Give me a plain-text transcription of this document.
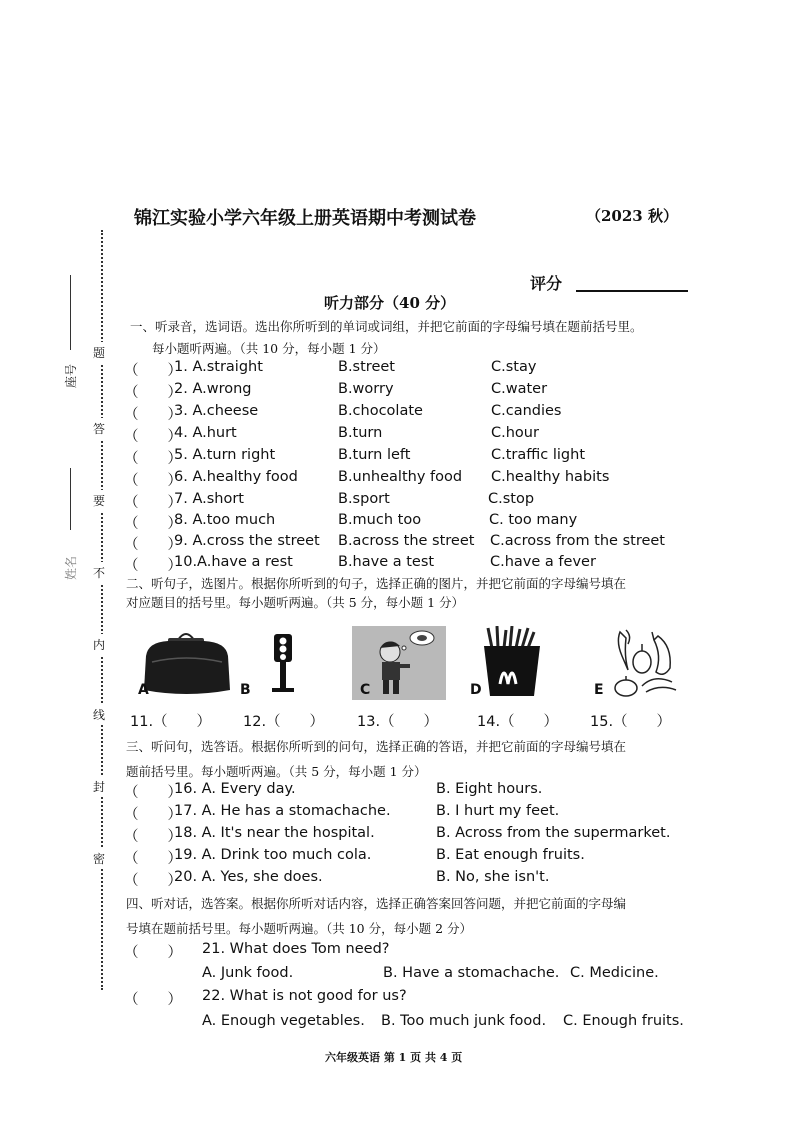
题
答
要
不
内
线
封
密
座号
姓名
锦江实验小学六年级上册英语期中考测试卷	（2023 秋）
评分
听力部分（40 分）
一、听录音，选词语。选出你所听到的单词或词组，并把它前面的字母编号填在题前括号里。
每小题听两遍。（共 10 分，每小题 1 分）
（　　）
1. A.straight	B.street	C.stay
（　　）
2. A.wrong	B.worry	C.water
（　　）
3. A.cheese	B.chocolate	C.candies
（　　）
4. A.hurt	B.turn	C.hour
（　　）
5. A.turn right	B.turn left	C.traffic light
（　　）
6. A.healthy food	B.unhealthy food C.healthy habits
（　　）
7. A.short	B.sport	C.stop
（　　）
8. A.too much	B.much too	C. too many
（　　）
9. A.cross the street B.across the street C.across from the street
（　　）
10.A.have a rest	B.have a test	C.have a fever
二、听句子，选图片。根据你所听到的句子，选择正确的图片，并把它前面的字母编号填在
对应题目的括号里。每小题听两遍。（共 5 分，每小题 1 分）
A	B	C	D	E
11.（　　） 12.（　　） 13.（　　）	14.（　　） 15.（　　）
三、听问句，选答语。根据你所听到的问句，选择正确的答语，并把它前面的字母编号填在
题前括号里。每小题听两遍。（共 5 分，每小题 1 分）
（　　）
16. A. Every day.	B. Eight hours.
（　　）
17. A. He has a stomachache.	B. I hurt my feet.
（　　）
18. A. It's near the hospital.	B. Across from the supermarket.
（　　）
19. A. Drink too much cola.	B. Eat enough fruits.
（　　）
20. A. Yes, she does.	B. No, she isn't.
四、听对话，选答案。根据你所听对话内容，选择正确答案回答问题，并把它前面的字母编
号填在题前括号里。每小题听两遍。（共 10 分，每小题 2 分）
（　　） 21. What does Tom need?
A. Junk food.	B. Have a stomachache. C. Medicine.
（　　） 22. What is not good for us?
A. Enough vegetables. B. Too much junk food. C. Enough fruits.
六年级英语 第 1 页 共 4 页
